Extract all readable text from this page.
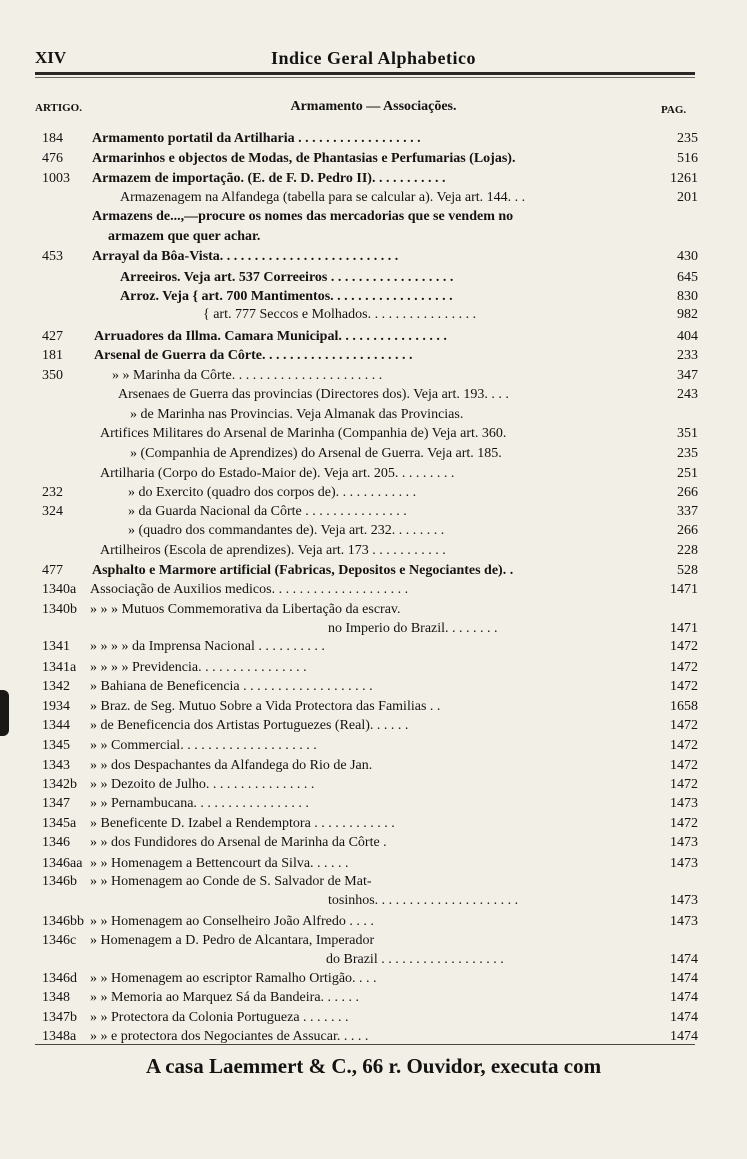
XIV	Indice Geral Alphabetico
ARTIGO.	Armamento — Associações.	PAG.
184	Armamento portatil da Artilharia . . . . . . . . . . . . . . . . . .	235
476	Armarinhos e objectos de Modas, de Phantasias e Perfumarias (Lojas).	516
1003	Armazem de importação. (E. de F. D. Pedro II). . . . . . . . . . .	1261
Armazenagem na Alfandega (tabella para se calcular a). Veja art. 144. . .	201
Armazens de...,—procure os nomes das mercadorias que se vendem no
armazem que quer achar.
453	Arrayal da Bôa-Vista. . . . . . . . . . . . . . . . . . . . . . . . . .	430
Arreeiros. Veja art. 537 Correeiros . . . . . . . . . . . . . . . . . .	645
Arroz. Veja { art. 700 Mantimentos. . . . . . . . . . . . . . . . . .	830
{ art. 777 Seccos e Molhados. . . . . . . . . . . . . . . .	982
427	Arruadores da Illma. Camara Municipal. . . . . . . . . . . . . . . .	404
181	Arsenal de Guerra da Côrte. . . . . . . . . . . . . . . . . . . . . .	233
350	» » Marinha da Côrte. . . . . . . . . . . . . . . . . . . . . .	347
Arsenaes de Guerra das provincias (Directores dos). Veja art. 193. . . .	243
» de Marinha nas Provincias. Veja Almanak das Provincias.
Artifices Militares do Arsenal de Marinha (Companhia de) Veja art. 360.	351
» (Companhia de Aprendizes) do Arsenal de Guerra. Veja art. 185.	235
Artilharia (Corpo do Estado-Maior de). Veja art. 205. . . . . . . . .	251
232	» do Exercito (quadro dos corpos de). . . . . . . . . . . .	266
324	» da Guarda Nacional da Côrte . . . . . . . . . . . . . . .	337
» (quadro dos commandantes de). Veja art. 232. . . . . . . .	266
Artilheiros (Escola de aprendizes). Veja art. 173 . . . . . . . . . . .	228
477	Asphalto e Marmore artificial (Fabricas, Depositos e Negociantes de). .	528
1340a Associação de Auxilios medicos. . . . . . . . . . . . . . . . . . . .	1471
1340b » » » Mutuos Commemorativa da Libertação da escrav.
no Imperio do Brazil. . . . . . . .	1471
1341	» » » » da Imprensa Nacional . . . . . . . . . .	1472
1341a » » » » Previdencia. . . . . . . . . . . . . . . .	1472
1342	» Bahiana de Beneficencia . . . . . . . . . . . . . . . . . . .	1472
1934	» Braz. de Seg. Mutuo Sobre a Vida Protectora das Familias . .	1658
1344	» de Beneficencia dos Artistas Portuguezes (Real). . . . . .	1472
1345	» » Commercial. . . . . . . . . . . . . . . . . . . .	1472
1343	» » dos Despachantes da Alfandega do Rio de Jan.	1472
1342b » » Dezoito de Julho. . . . . . . . . . . . . . . .	1472
1347	» » Pernambucana. . . . . . . . . . . . . . . . .	1473
1345a » Beneficente D. Izabel a Rendemptora . . . . . . . . . . . .	1472
1346	» » dos Fundidores do Arsenal de Marinha da Côrte .	1473
1346aa » » Homenagem a Bettencourt da Silva. . . . . .	1473
1346b » » Homenagem ao Conde de S. Salvador de Mat-
tosinhos. . . . . . . . . . . . . . . . . . . . .	1473
1346bb » » Homenagem ao Conselheiro João Alfredo . . . .	1473
1346c » Homenagem a D. Pedro de Alcantara, Imperador
do Brazil . . . . . . . . . . . . . . . . . .	1474
1346d » » Homenagem ao escriptor Ramalho Ortigão. . . .	1474
1348	» » Memoria ao Marquez Sá da Bandeira. . . . . .	1474
1347b » » Protectora da Colonia Portugueza . . . . . . .	1474
1348a » » e protectora dos Negociantes de Assucar. . . . .	1474
A casa Laemmert & C., 66 r. Ouvidor, executa com
